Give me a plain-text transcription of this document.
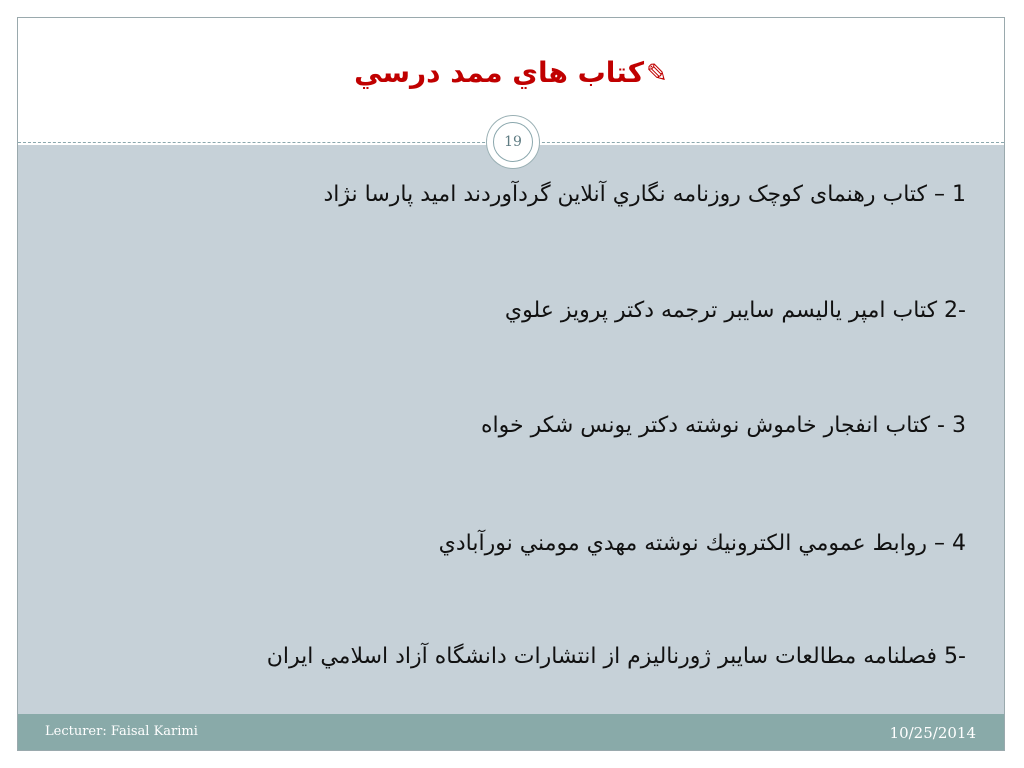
✎کتاب هاي ممد درسي
19
1 – کتاب رهنمای کوچک روزنامه نگاري آنلاين گردآوردند اميد پارسا نژاد
-2 کتاب امپر ياليسم سايبر ترجمه دکتر پرويز علوي
3 - کتاب انفجار خاموش نوشته دکتر يونس شکر خواه
4 – روابط عمومي الکترونيك نوشته مهدي مومني نورآبادي
-5 فصلنامه مطالعات سايبر ژورناليزم از انتشارات دانشگاه آزاد اسلامي ايران
Lecturer: Faisal Karimi	10/25/2014
